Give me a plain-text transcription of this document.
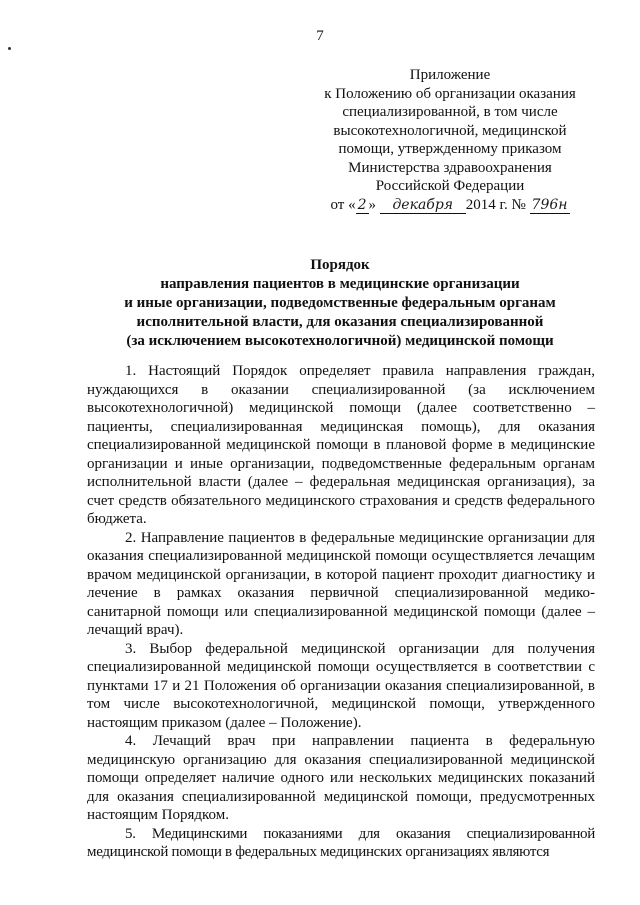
7
Приложение
к Положению об организации оказания
специализированной, в том числе
высокотехнологичной, медицинской
помощи, утвержденному приказом
Министерства здравоохранения
Российской Федерации
от « 2 » декабря 2014 г. № 796н
Порядок
направления пациентов в медицинские организации
и иные организации, подведомственные федеральным органам
исполнительной власти, для оказания специализированной
(за исключением высокотехнологичной) медицинской помощи

1. Настоящий Порядок определяет правила направления граждан, нуждающихся в оказании специализированной (за исключением высокотехнологичной) медицинской помощи (далее соответственно – пациенты, специализированная медицинская помощь), для оказания специализированной медицинской помощи в плановой форме в медицинские организации и иные организации, подведомственные федеральным органам исполнительной власти (далее – федеральная медицинская организация), за счет средств обязательного медицинского страхования и средств федерального бюджета.

2. Направление пациентов в федеральные медицинские организации для оказания специализированной медицинской помощи осуществляется лечащим врачом медицинской организации, в которой пациент проходит диагностику и лечение в рамках оказания первичной специализированной медико-санитарной помощи или специализированной медицинской помощи (далее – лечащий врач).

3. Выбор федеральной медицинской организации для получения специализированной медицинской помощи осуществляется в соответствии с пунктами 17 и 21 Положения об организации оказания специализированной, в том числе высокотехнологичной, медицинской помощи, утвержденного настоящим приказом (далее – Положение).

4. Лечащий врач при направлении пациента в федеральную медицинскую организацию для оказания специализированной медицинской помощи определяет наличие одного или нескольких медицинских показаний для оказания специализированной медицинской помощи, предусмотренных настоящим Порядком.

5. Медицинскими показаниями для оказания специализированной медицинской помощи в федеральных медицинских организациях являются
